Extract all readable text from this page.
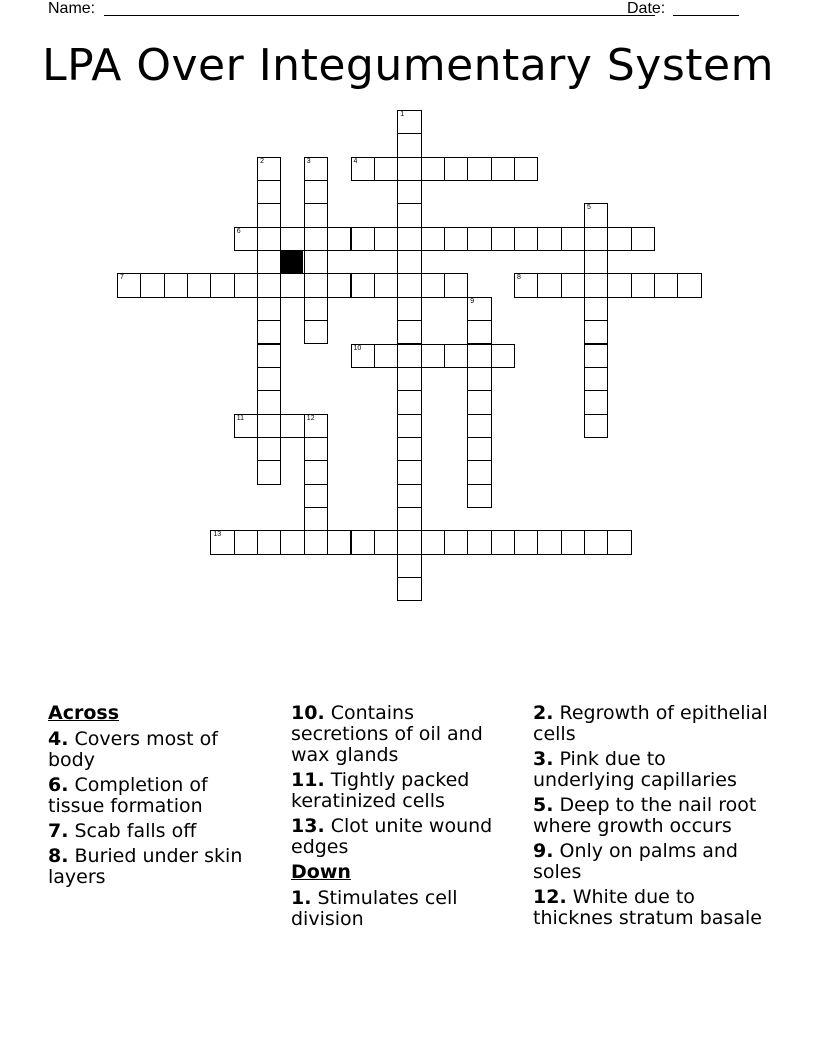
Name:	Date:
LPA Over Integumentary System
1
2	3	4
5
6
7	8
9
10
11	12
13
Across
4. Covers most of body
6. Completion of tissue formation
7. Scab falls off
8. Buried under skin layers
10. Contains secretions of oil and wax glands
11. Tightly packed keratinized cells
13. Clot unite wound edges
Down
1. Stimulates cell division
2. Regrowth of epithelial cells
3. Pink due to underlying capillaries
5. Deep to the nail root where growth occurs
9. Only on palms and soles
12. White due to thicknes stratum basale
